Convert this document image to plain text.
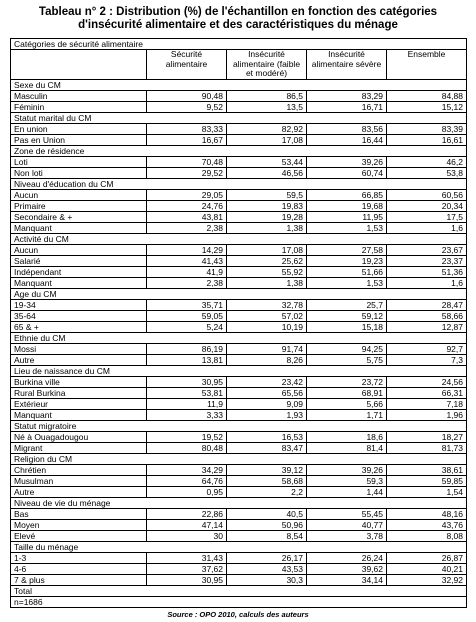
Tableau n° 2 : Distribution (%) de l'échantillon en fonction des catégories
d'insécurité alimentaire et des caractéristiques du ménage
Catégories de sécurité alimentaire				
	Sécurité alimentaire	Insécurité alimentaire (faible et modéré)	Insécurité alimentaire sévère	Ensemble
Sexe du CM				
Masculin	90,48	86,5	83,29	84,88
Féminin	9,52	13,5	16,71	15,12
Statut marital du CM				
En union	83,33	82,92	83,56	83,39
Pas en Union	16,67	17,08	16,44	16,61
Zone de résidence				
Loti	70,48	53,44	39,26	46,2
Non loti	29,52	46,56	60,74	53,8
Niveau d'éducation du CM				
Aucun	29,05	59,5	66,85	60,56
Primaire	24,76	19,83	19,68	20,34
Secondaire & +	43,81	19,28	11,95	17,5
Manquant	2,38	1,38	1,53	1,6
Activité du CM				
Aucun	14,29	17,08	27,58	23,67
Salarié	41,43	25,62	19,23	23,37
Indépendant	41,9	55,92	51,66	51,36
Manquant	2,38	1,38	1,53	1,6
Age du CM				
19-34	35,71	32,78	25,7	28,47
35-64	59,05	57,02	59,12	58,66
65 & +	5,24	10,19	15,18	12,87
Ethnie du CM				
Mossi	86,19	91,74	94,25	92,7
Autre	13,81	8,26	5,75	7,3
Lieu de naissance du CM				
Burkina ville	30,95	23,42	23,72	24,56
Rural Burkina	53,81	65,56	68,91	66,31
Extérieur	11,9	9,09	5,66	7,18
Manquant	3,33	1,93	1,71	1,96
Statut migratoire				
Né à Ouagadougou	19,52	16,53	18,6	18,27
Migrant	80,48	83,47	81,4	81,73
Religion du CM				
Chrétien	34,29	39,12	39,26	38,61
Musulman	64,76	58,68	59,3	59,85
Autre	0,95	2,2	1,44	1,54
Niveau de vie du ménage				
Bas	22,86	40,5	55,45	48,16
Moyen	47,14	50,96	40,77	43,76
Elevé	30	8,54	3,78	8,08
Taille du ménage				
1-3	31,43	26,17	26,24	26,87
4-6	37,62	43,53	39,62	40,21
7 & plus	30,95	30,3	34,14	32,92
Total				
n=1686				
Source : OPO 2010, calculs des auteurs
